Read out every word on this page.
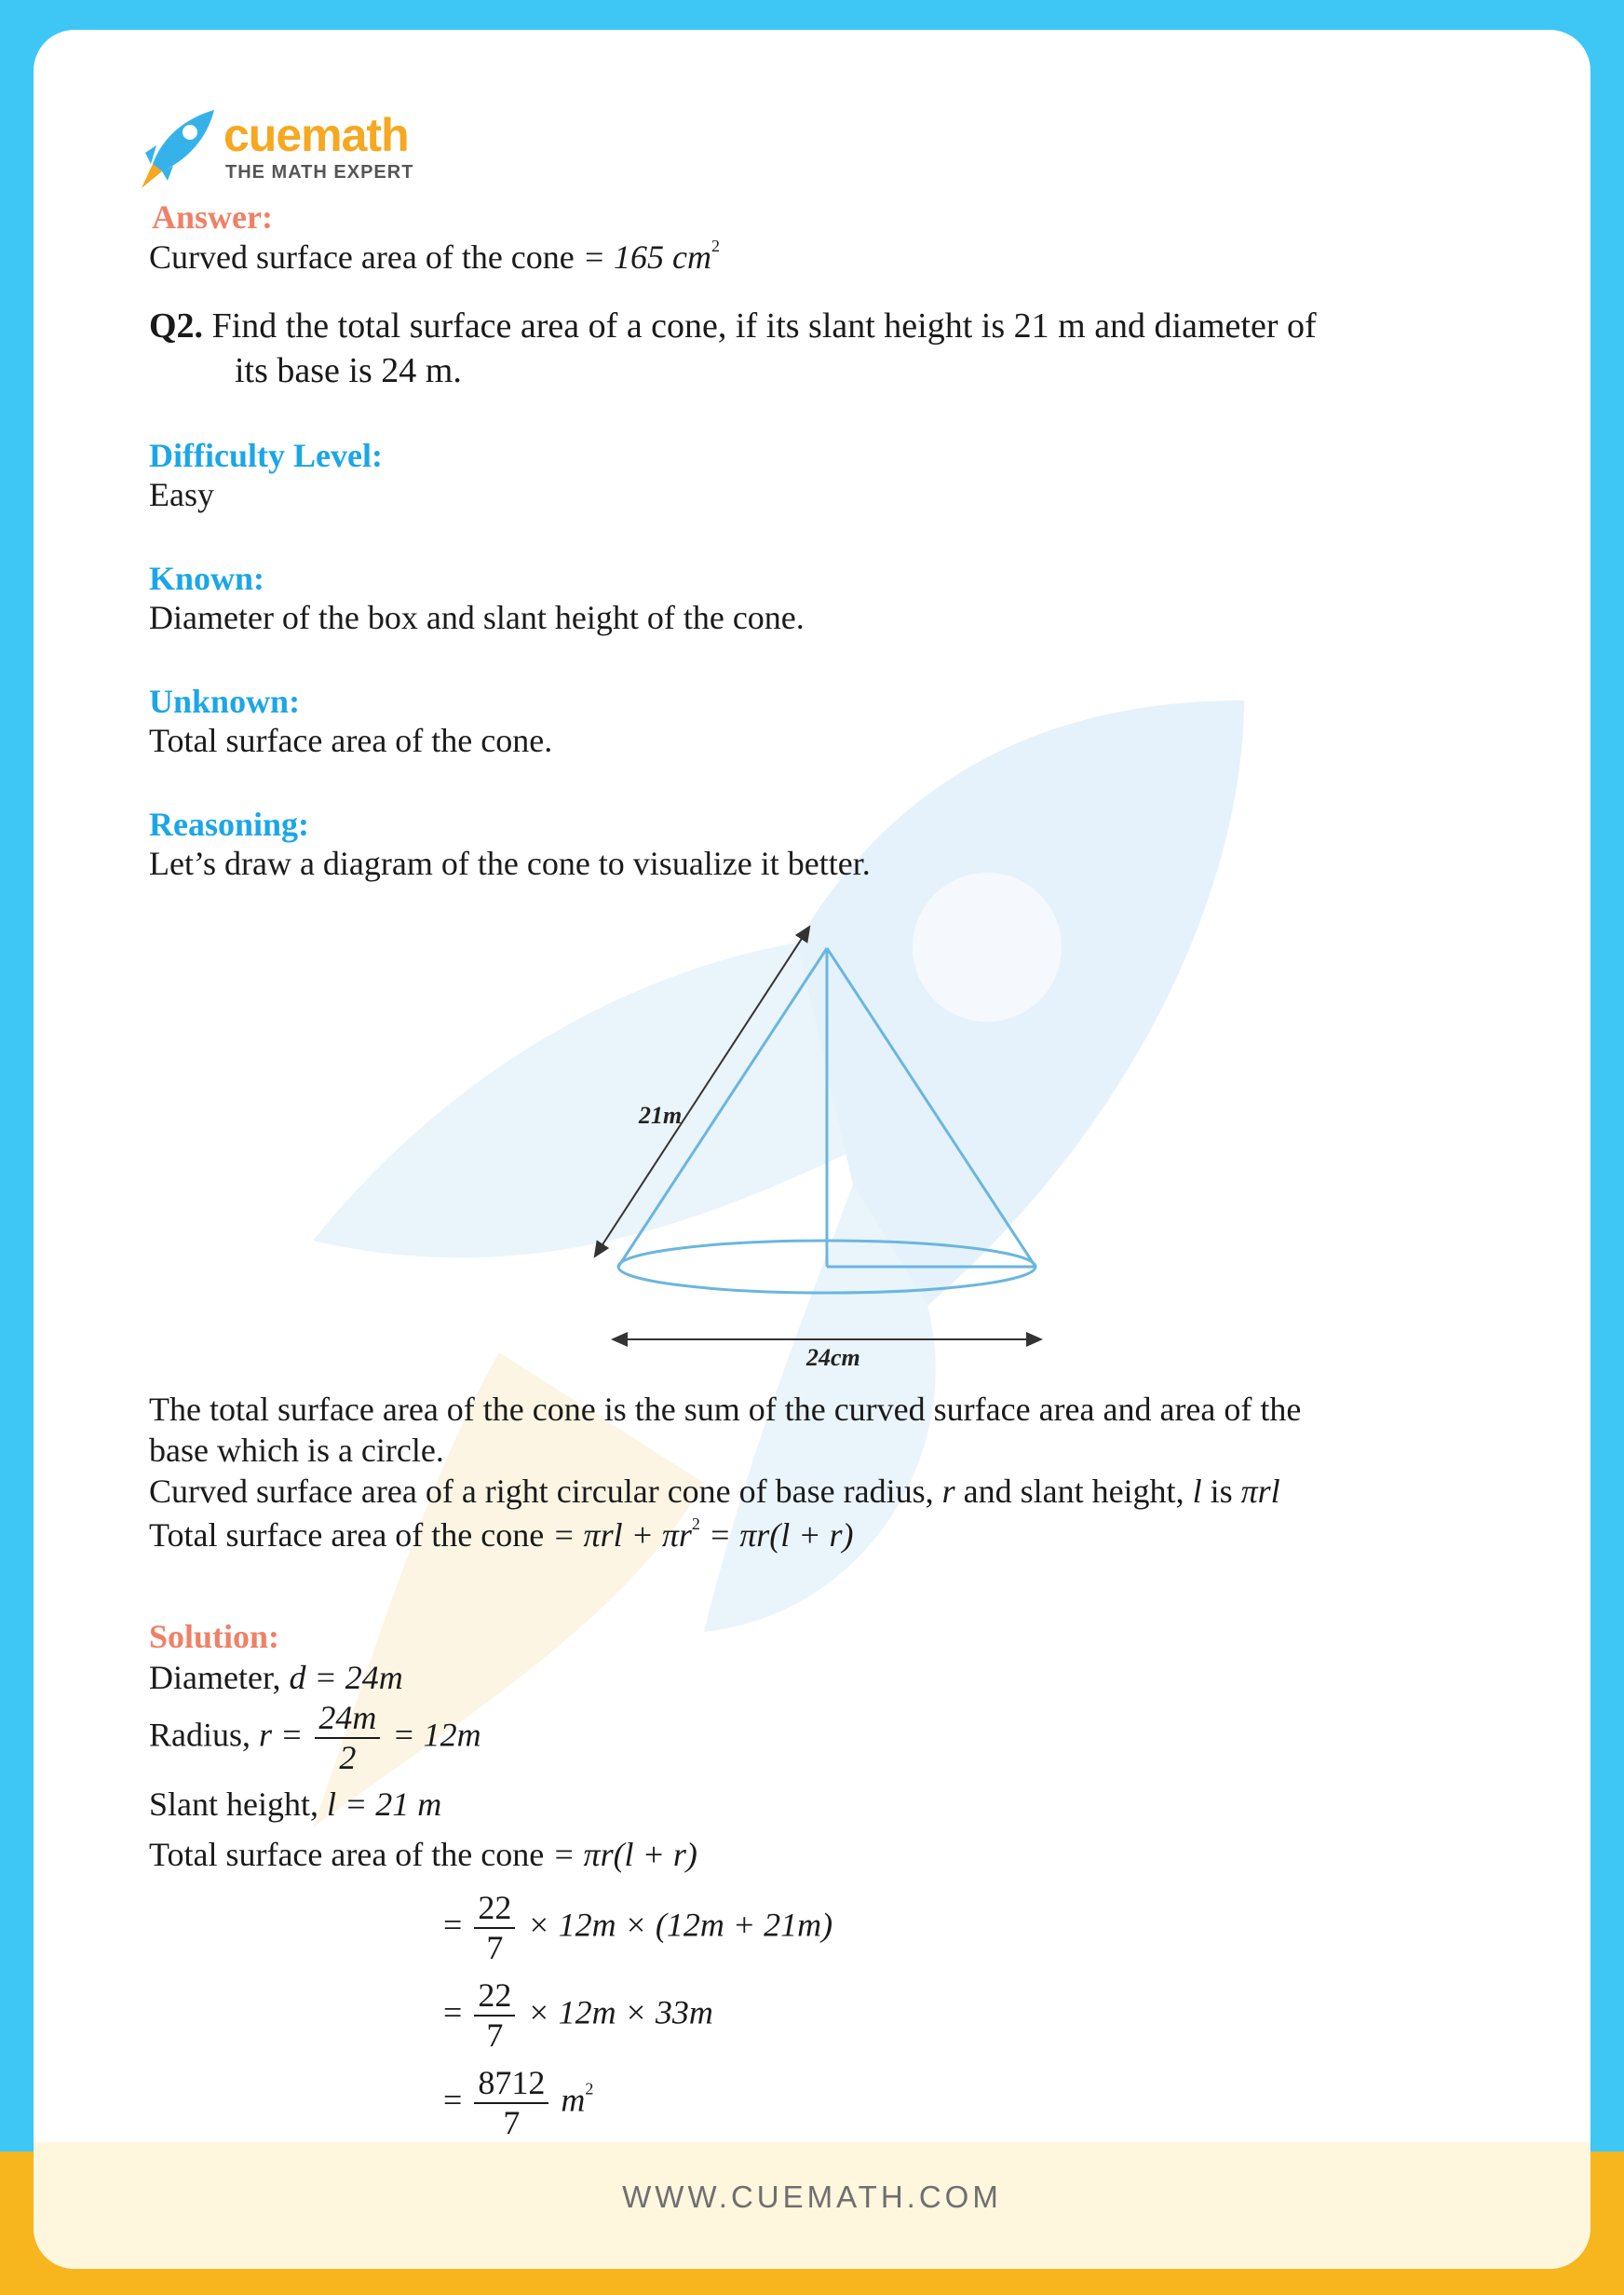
cuemath
THE MATH EXPERT
Answer:
Curved surface area of the cone = 165 $cm^2$
Q2. Find the total surface area of a cone, if its slant height is 21 m and diameter of
its base is 24 m.
Difficulty Level:
Easy
Known:
Diameter of the box and slant height of the cone.
Unknown:
Total surface area of the cone.
Reasoning:
Let’s draw a diagram of the cone to visualize it better.
21m
24cm
The total surface area of the cone is the sum of the curved surface area and area of the
base which is a circle.
Curved surface area of a right circular cone of base radius, r and slant height, l is πrl
Total surface area of the cone = $\pi rl + \pi r^2 = \pi r(l + r)$
Solution:
Diameter, d = 24m
Radius, $r = \frac{24m}{2} = 12m$
Slant height, l = 21 m
Total surface area of the cone = πr(l + r)
= $\frac{22}{7} \times 12m \times (12m + 21m)$
= $\frac{22}{7} \times 12m \times 33m$
= $\frac{8712}{7} m^2$
WWW.CUEMATH.COM
